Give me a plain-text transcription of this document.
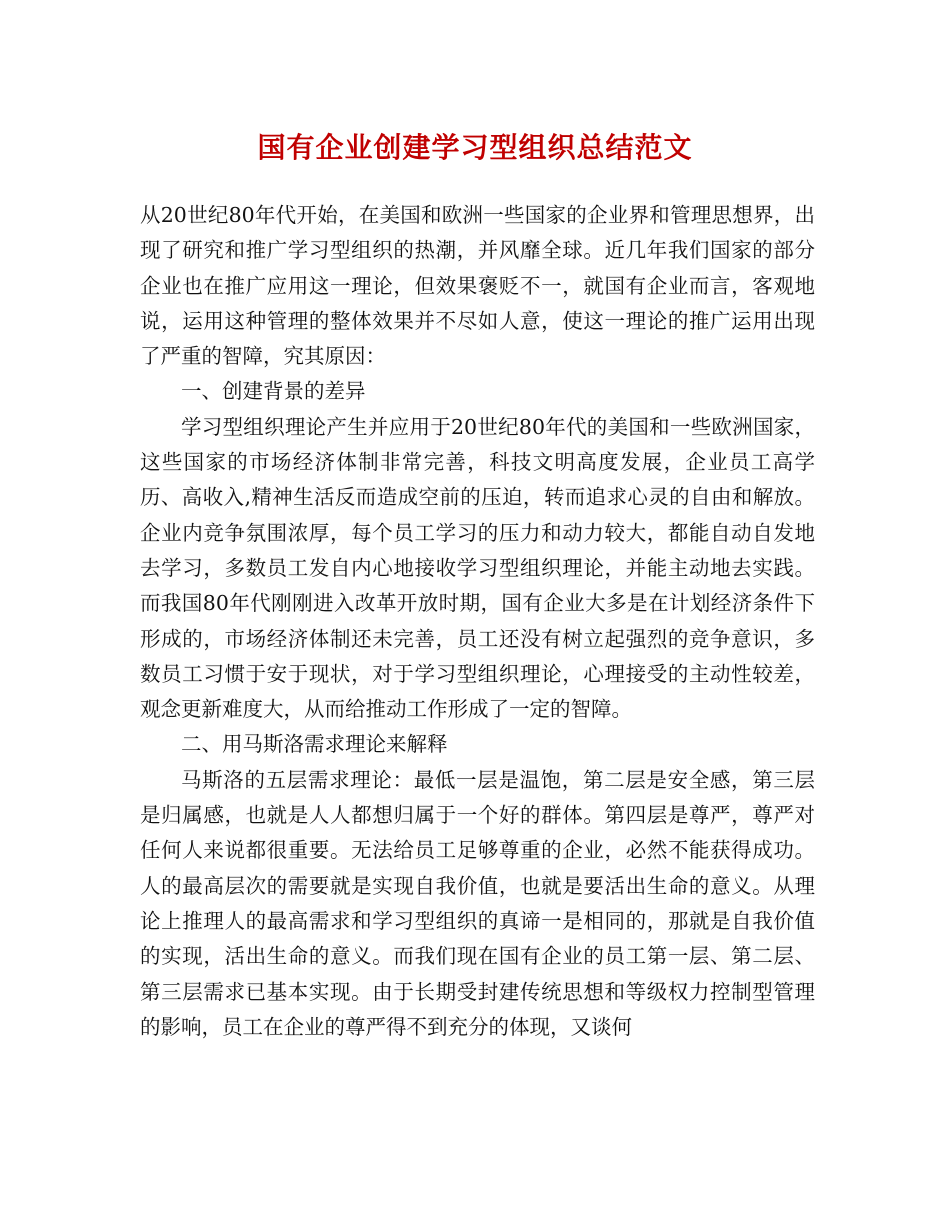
国有企业创建学习型组织总结范文

从20世纪80年代开始，在美国和欧洲一些国家的企业界和管理思想界，出现了研究和推广学习型组织的热潮，并风靡全球。近几年我们国家的部分企业也在推广应用这一理论，但效果褒贬不一，就国有企业而言，客观地说，运用这种管理的整体效果并不尽如人意，使这一理论的推广运用出现了严重的智障，究其原因：

一、创建背景的差异

学习型组织理论产生并应用于20世纪80年代的美国和一些欧洲国家，这些国家的市场经济体制非常完善，科技文明高度发展，企业员工高学历、高收入,精神生活反而造成空前的压迫，转而追求心灵的自由和解放。企业内竞争氛围浓厚，每个员工学习的压力和动力较大，都能自动自发地去学习，多数员工发自内心地接收学习型组织理论，并能主动地去实践。而我国80年代刚刚进入改革开放时期，国有企业大多是在计划经济条件下形成的，市场经济体制还未完善，员工还没有树立起强烈的竞争意识，多数员工习惯于安于现状，对于学习型组织理论，心理接受的主动性较差，观念更新难度大，从而给推动工作形成了一定的智障。

二、用马斯洛需求理论来解释

马斯洛的五层需求理论：最低一层是温饱，第二层是安全感，第三层是归属感，也就是人人都想归属于一个好的群体。第四层是尊严，尊严对任何人来说都很重要。无法给员工足够尊重的企业，必然不能获得成功。人的最高层次的需要就是实现自我价值，也就是要活出生命的意义。从理论上推理人的最高需求和学习型组织的真谛一是相同的，那就是自我价值的实现，活出生命的意义。而我们现在国有企业的员工第一层、第二层、第三层需求已基本实现。由于长期受封建传统思想和等级权力控制型管理的影响，员工在企业的尊严得不到充分的体现，又谈何
